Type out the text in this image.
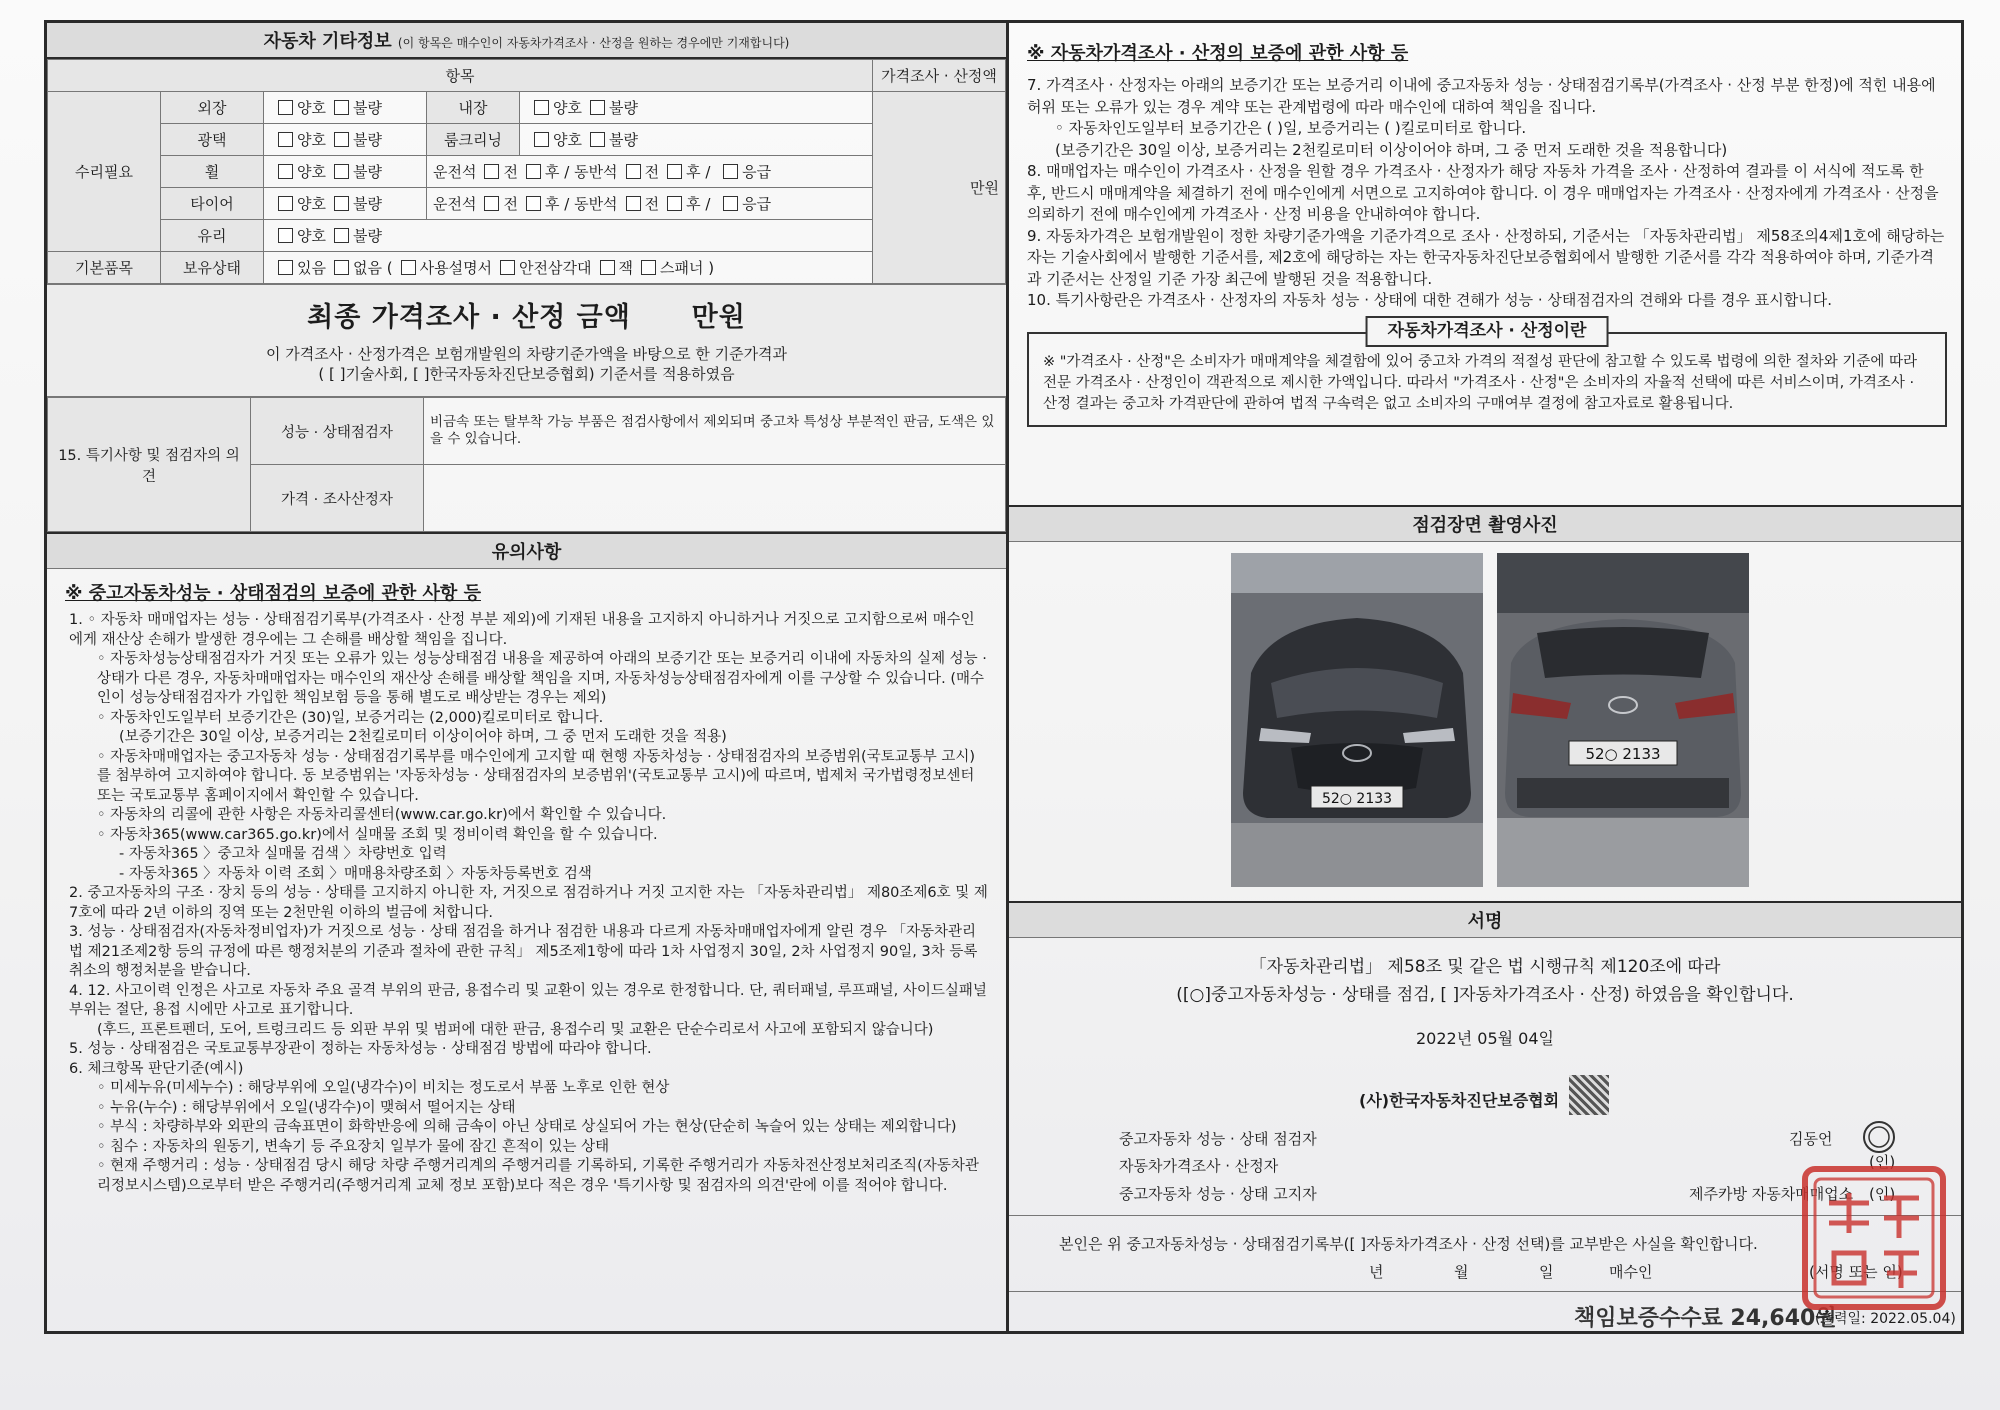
자동차 기타정보 (이 항목은 매수인이 자동차가격조사 · 산정을 원하는 경우에만 기재합니다)
항목					가격조사 · 산정액
수리필요	외장	양호 불량	내장	양호 불량	만원
	광택	양호 불량	룸크리닝	양호 불량	
	휠	양호 불량	운전석 전 후 / 동반석 전 후 / 응급		
	타이어	양호 불량	운전석 전 후 / 동반석 전 후 / 응급		
	유리	양호 불량			
기본품목	보유상태	있음 없음 ( 사용설명서 안전삼각대 잭 스패너 )			
최종 가격조사 · 산정 금액 만원
이 가격조사 · 산정가격은 보험개발원의 차량기준가액을 바탕으로 한 기준가격과
( [ ]기술사회, [ ]한국자동차진단보증협회) 기준서를 적용하였음
15. 특기사항 및 점검자의 의견	성능 · 상태점검자	비금속 또는 탈부착 가능 부품은 점검사항에서 제외되며 중고차 특성상 부분적인 판금, 도색은 있을 수 있습니다.
	가격 · 조사산정자	
유의사항
※ 중고자동차성능 · 상태점검의 보증에 관한 사항 등

1. ◦ 자동차 매매업자는 성능 · 상태점검기록부(가격조사 · 산정 부분 제외)에 기재된 내용을 고지하지 아니하거나 거짓으로 고지함으로써 매수인에게 재산상 손해가 발생한 경우에는 그 손해를 배상할 책임을 집니다.

◦ 자동차성능상태점검자가 거짓 또는 오류가 있는 성능상태점검 내용을 제공하여 아래의 보증기간 또는 보증거리 이내에 자동차의 실제 성능 · 상태가 다른 경우, 자동차매매업자는 매수인의 재산상 손해를 배상할 책임을 지며, 자동차성능상태점검자에게 이를 구상할 수 있습니다. (매수인이 성능상태점검자가 가입한 책임보험 등을 통해 별도로 배상받는 경우는 제외)

◦ 자동차인도일부터 보증기간은 (30)일, 보증거리는 (2,000)킬로미터로 합니다.

(보증기간은 30일 이상, 보증거리는 2천킬로미터 이상이어야 하며, 그 중 먼저 도래한 것을 적용)

◦ 자동차매매업자는 중고자동차 성능 · 상태점검기록부를 매수인에게 고지할 때 현행 자동차성능 · 상태점검자의 보증범위(국토교통부 고시)를 첨부하여 고지하여야 합니다. 동 보증범위는 '자동차성능 · 상태점검자의 보증범위'(국토교통부 고시)에 따르며, 법제처 국가법령정보센터 또는 국토교통부 홈페이지에서 확인할 수 있습니다.

◦ 자동차의 리콜에 관한 사항은 자동차리콜센터(www.car.go.kr)에서 확인할 수 있습니다.

◦ 자동차365(www.car365.go.kr)에서 실매물 조회 및 정비이력 확인을 할 수 있습니다.

- 자동차365 〉중고차 실매물 검색 〉차량번호 입력

- 자동차365 〉자동차 이력 조회 〉매매용차량조회 〉자동차등록번호 검색

2. 중고자동차의 구조 · 장치 등의 성능 · 상태를 고지하지 아니한 자, 거짓으로 점검하거나 거짓 고지한 자는 「자동차관리법」 제80조제6호 및 제7호에 따라 2년 이하의 징역 또는 2천만원 이하의 벌금에 처합니다.

3. 성능 · 상태점검자(자동차정비업자)가 거짓으로 성능 · 상태 점검을 하거나 점검한 내용과 다르게 자동차매매업자에게 알린 경우 「자동차관리법 제21조제2항 등의 규정에 따른 행정처분의 기준과 절차에 관한 규칙」 제5조제1항에 따라 1차 사업정지 30일, 2차 사업정지 90일, 3차 등록취소의 행정처분을 받습니다.

4. 12. 사고이력 인정은 사고로 자동차 주요 골격 부위의 판금, 용접수리 및 교환이 있는 경우로 한정합니다. 단, 쿼터패널, 루프패널, 사이드실패널 부위는 절단, 용접 시에만 사고로 표기합니다.

(후드, 프론트펜더, 도어, 트렁크리드 등 외판 부위 및 범퍼에 대한 판금, 용접수리 및 교환은 단순수리로서 사고에 포함되지 않습니다)

5. 성능 · 상태점검은 국토교통부장관이 정하는 자동차성능 · 상태점검 방법에 따라야 합니다.

6. 체크항목 판단기준(예시)

◦ 미세누유(미세누수) : 해당부위에 오일(냉각수)이 비치는 정도로서 부품 노후로 인한 현상

◦ 누유(누수) : 해당부위에서 오일(냉각수)이 맺혀서 떨어지는 상태

◦ 부식 : 차량하부와 외판의 금속표면이 화학반응에 의해 금속이 아닌 상태로 상실되어 가는 현상(단순히 녹슬어 있는 상태는 제외합니다)

◦ 침수 : 자동차의 원동기, 변속기 등 주요장치 일부가 물에 잠긴 흔적이 있는 상태

◦ 현재 주행거리 : 성능 · 상태점검 당시 해당 차량 주행거리계의 주행거리를 기록하되, 기록한 주행거리가 자동차전산정보처리조직(자동차관리정보시스템)으로부터 받은 주행거리(주행거리계 교체 정보 포함)보다 적은 경우 '특기사항 및 점검자의 의견'란에 이를 적어야 합니다.

※ 자동차가격조사 · 산정의 보증에 관한 사항 등

7. 가격조사 · 산정자는 아래의 보증기간 또는 보증거리 이내에 중고자동차 성능 · 상태점검기록부(가격조사 · 산정 부분 한정)에 적힌 내용에 허위 또는 오류가 있는 경우 계약 또는 관계법령에 따라 매수인에 대하여 책임을 집니다.

◦ 자동차인도일부터 보증기간은 ( )일, 보증거리는 ( )킬로미터로 합니다.

(보증기간은 30일 이상, 보증거리는 2천킬로미터 이상이어야 하며, 그 중 먼저 도래한 것을 적용합니다)

8. 매매업자는 매수인이 가격조사 · 산정을 원할 경우 가격조사 · 산정자가 해당 자동차 가격을 조사 · 산정하여 결과를 이 서식에 적도록 한 후, 반드시 매매계약을 체결하기 전에 매수인에게 서면으로 고지하여야 합니다. 이 경우 매매업자는 가격조사 · 산정자에게 가격조사 · 산정을 의뢰하기 전에 매수인에게 가격조사 · 산정 비용을 안내하여야 합니다.

9. 자동차가격은 보험개발원이 정한 차량기준가액을 기준가격으로 조사 · 산정하되, 기준서는 「자동차관리법」 제58조의4제1호에 해당하는 자는 기술사회에서 발행한 기준서를, 제2호에 해당하는 자는 한국자동차진단보증협회에서 발행한 기준서를 각각 적용하여야 하며, 기준가격과 기준서는 산정일 기준 가장 최근에 발행된 것을 적용합니다.

10. 특기사항란은 가격조사 · 산정자의 자동차 성능 · 상태에 대한 견해가 성능 · 상태점검자의 견해와 다를 경우 표시합니다.

자동차가격조사 · 산정이란
※ "가격조사 · 산정"은 소비자가 매매계약을 체결함에 있어 중고차 가격의 적절성 판단에 참고할 수 있도록 법령에 의한 절차와 기준에 따라 전문 가격조사 · 산정인이 객관적으로 제시한 가액입니다. 따라서 "가격조사 · 산정"은 소비자의 자율적 선택에 따른 서비스이며, 가격조사 · 산정 결과는 중고차 가격판단에 관하여 법적 구속력은 없고 소비자의 구매여부 결정에 참고자료로 활용됩니다.
점검장면 촬영사진
52○ 2133
52○ 2133
서명
「자동차관리법」 제58조 및 같은 법 시행규칙 제120조에 따라
([○]중고자동차성능 · 상태를 점검, [ ]자동차가격조사 · 산정) 하였음을 확인합니다.
2022년 05월 04일
(사)한국자동차진단보증협회
중고자동차 성능 · 상태 점검자	김동언
자동차가격조사 · 산정자	(인)
중고자동차 성능 · 상태 고지자	제주카방 자동차매매업소 (인)
본인은 위 중고자동차성능 · 상태점검기록부([ ]자동차가격조사 · 산정 선택)를 교부받은 사실을 확인합니다.
년	월	일	매수인	(서명 또는 인)
책임보증수수료 24,640원
(출력일: 2022.05.04)
